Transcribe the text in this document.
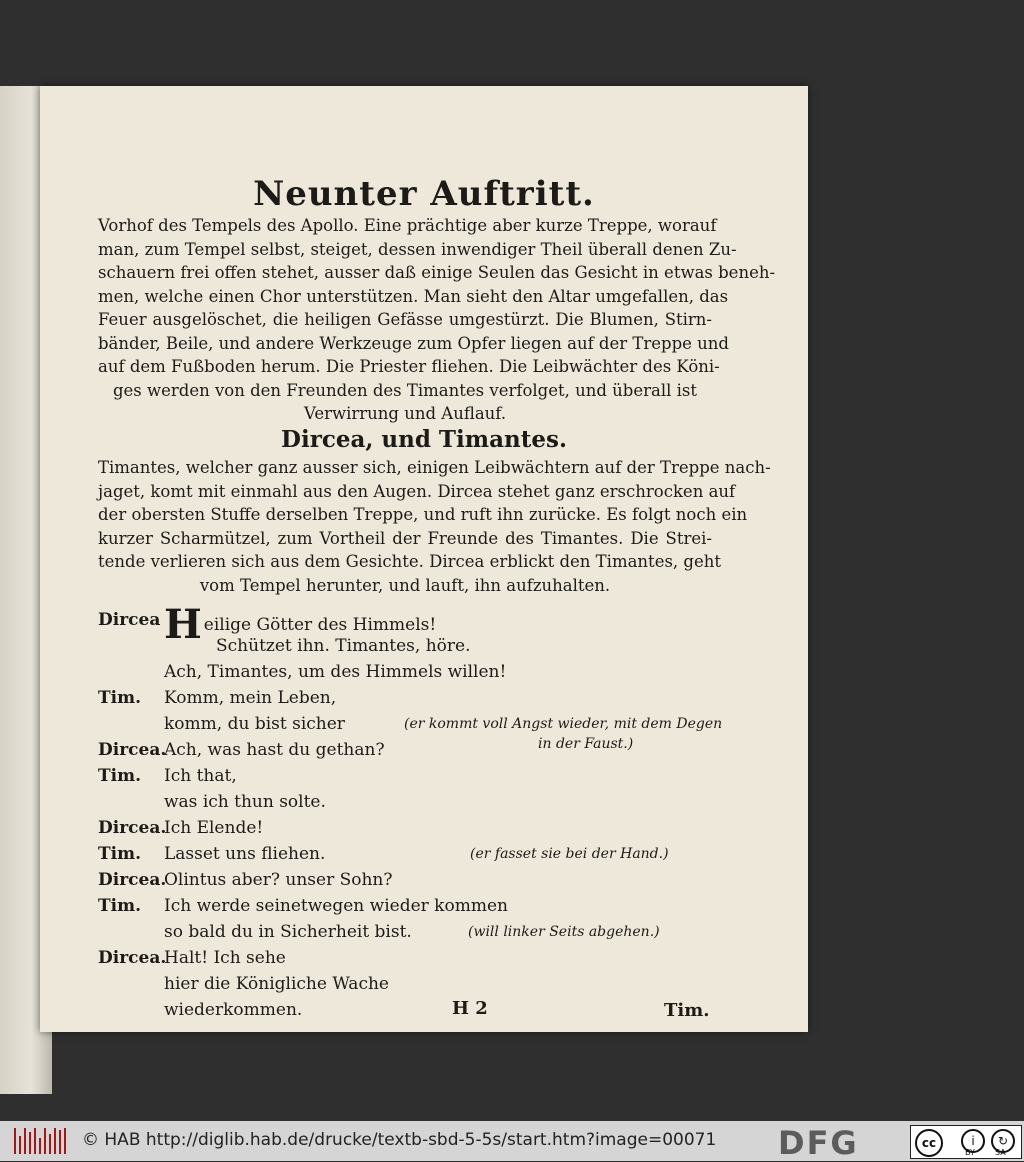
Neunter Auftritt.
Vorhof des Tempels des Apollo. Eine prächtige aber kurze Treppe, worauf
man, zum Tempel selbst, steiget, dessen inwendiger Theil überall denen Zu-
schauern frei offen stehet, ausser daß einige Seulen das Gesicht in etwas beneh-
men, welche einen Chor unterstützen. Man sieht den Altar umgefallen, das
Feuer ausgelöschet, die heiligen Gefässe umgestürzt. Die Blumen, Stirn-
bänder, Beile, und andere Werkzeuge zum Opfer liegen auf der Treppe und
auf dem Fußboden herum. Die Priester fliehen. Die Leibwächter des Köni-
ges werden von den Freunden des Timantes verfolget, und überall ist
Verwirrung und Auflauf.
Dircea, und Timantes.
Timantes, welcher ganz ausser sich, einigen Leibwächtern auf der Treppe nach-
jaget, komt mit einmahl aus den Augen. Dircea stehet ganz erschrocken auf
der obersten Stuffe derselben Treppe, und ruft ihn zurücke. Es folgt noch ein
kurzer Scharmützel, zum Vortheil der Freunde des Timantes. Die Strei-
tende verlieren sich aus dem Gesichte. Dircea erblickt den Timantes, geht
vom Tempel herunter, und lauft, ihn aufzuhalten.
Dircea Heilige Götter des Himmels!
Schützet ihn. Timantes, höre.
Ach, Timantes, um des Himmels willen!
Tim. Komm, mein Leben,
komm, du bist sicher	(er kommt voll Angst wieder, mit dem Degen
in der Faust.)
Dircea.
Ach, was hast du gethan?
Tim. Ich that,
was ich thun solte.
Dircea.
Ich Elende!
Tim. Lasset uns fliehen.	(er fasset sie bei der Hand.)
Dircea.
Olintus aber? unser Sohn?
Tim. Ich werde seinetwegen wieder kommen
so bald du in Sicherheit bist.	(will linker Seits abgehen.)
Dircea.
Halt! Ich sehe
hier die Königliche Wache
wiederkommen.	H 2	Tim.
© HAB http://diglib.hab.de/drucke/textb-sbd-5-5s/start.htm?image=00071 DFG	cc	i	↻
BY	SA
